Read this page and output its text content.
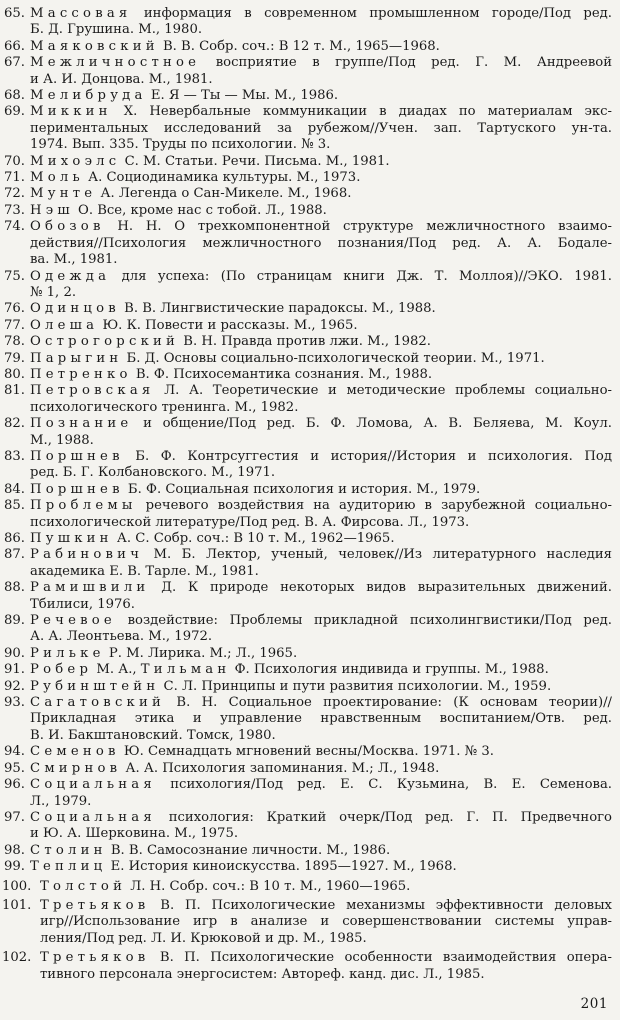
65. Массовая информация в современном промышленном городе/Под ред.
Б. Д. Грушина. М., 1980.
66. Маяковский В. В. Собр. соч.: В 12 т. М., 1965—1968.
67. Межличностное восприятие в группе/Под ред. Г. М. Андреевой
и А. И. Донцова. М., 1981.
68. Мелибруда Е. Я — Ты — Мы. М., 1986.
69. Миккин Х. Невербальные коммуникации в диадах по материалам экс-
периментальных исследований за рубежом//Учен. зап. Тартуского ун-та.
1974. Вып. 335. Труды по психологии. № 3.
70. Михоэлс С. М. Статьи. Речи. Письма. М., 1981.
71. Моль А. Социодинамика культуры. М., 1973.
72. Мунте А. Легенда о Сан-Микеле. М., 1968.
73. Нэш О. Все, кроме нас с тобой. Л., 1988.
74. Обозов Н. Н. О трехкомпонентной структуре межличностного взаимо-
действия//Психология межличностного познания/Под ред. А. А. Бодале-
ва. М., 1981.
75. Одежда для успеха: (По страницам книги Дж. Т. Моллоя)//ЭКО. 1981.
№ 1, 2.
76. Одинцов В. В. Лингвистические парадоксы. М., 1988.
77. Олеша Ю. К. Повести и рассказы. М., 1965.
78. Острогорский В. Н. Правда против лжи. М., 1982.
79. Парыгин Б. Д. Основы социально-психологической теории. М., 1971.
80. Петренко В. Ф. Психосемантика сознания. М., 1988.
81. Петровская Л. А. Теоретические и методические проблемы социально-
психологического тренинга. М., 1982.
82. Познание и общение/Под ред. Б. Ф. Ломова, А. В. Беляева, М. Коул.
М., 1988.
83. Поршнев Б. Ф. Контрсуггестия и история//История и психология. Под
ред. Б. Г. Колбановского. М., 1971.
84. Поршнев Б. Ф. Социальная психология и история. М., 1979.
85. Проблемы речевого воздействия на аудиторию в зарубежной социально-
психологической литературе/Под ред. В. А. Фирсова. Л., 1973.
86. Пушкин А. С. Собр. соч.: В 10 т. М., 1962—1965.
87. Рабинович М. Б. Лектор, ученый, человек//Из литературного наследия
академика Е. В. Тарле. М., 1981.
88. Рамишвили Д. К природе некоторых видов выразительных движений.
Тбилиси, 1976.
89. Речевое воздействие: Проблемы прикладной психолингвистики/Под ред.
А. А. Леонтьева. М., 1972.
90. Рильке Р. М. Лирика. М.; Л., 1965.
91. Робер М. А., Тильман Ф. Психология индивида и группы. М., 1988.
92. Рубинштейн С. Л. Принципы и пути развития психологии. М., 1959.
93. Сагатовский В. Н. Социальное проектирование: (К основам теории)//
Прикладная этика и управление нравственным воспитанием/Отв. ред.
В. И. Бакштановский. Томск, 1980.
94. Семенов Ю. Семнадцать мгновений весны/Москва. 1971. № 3.
95. Смирнов А. А. Психология запоминания. М.; Л., 1948.
96. Социальная психология/Под ред. Е. С. Кузьмина, В. Е. Семенова.
Л., 1979.
97. Социальная психология: Краткий очерк/Под ред. Г. П. Предвечного
и Ю. А. Шерковина. М., 1975.
98. Столин В. В. Самосознание личности. М., 1986.
99. Теплиц Е. История киноискусства. 1895—1927. М., 1968.
100. Толстой Л. Н. Собр. соч.: В 10 т. М., 1960—1965.
101. Третьяков В. П. Психологические механизмы эффективности деловых
игр//Использование игр в анализе и совершенствовании системы управ-
ления/Под ред. Л. И. Крюковой и др. М., 1985.
102. Третьяков В. П. Психологические особенности взаимодействия опера-
тивного персонала энергосистем: Автореф. канд. дис. Л., 1985.
201
